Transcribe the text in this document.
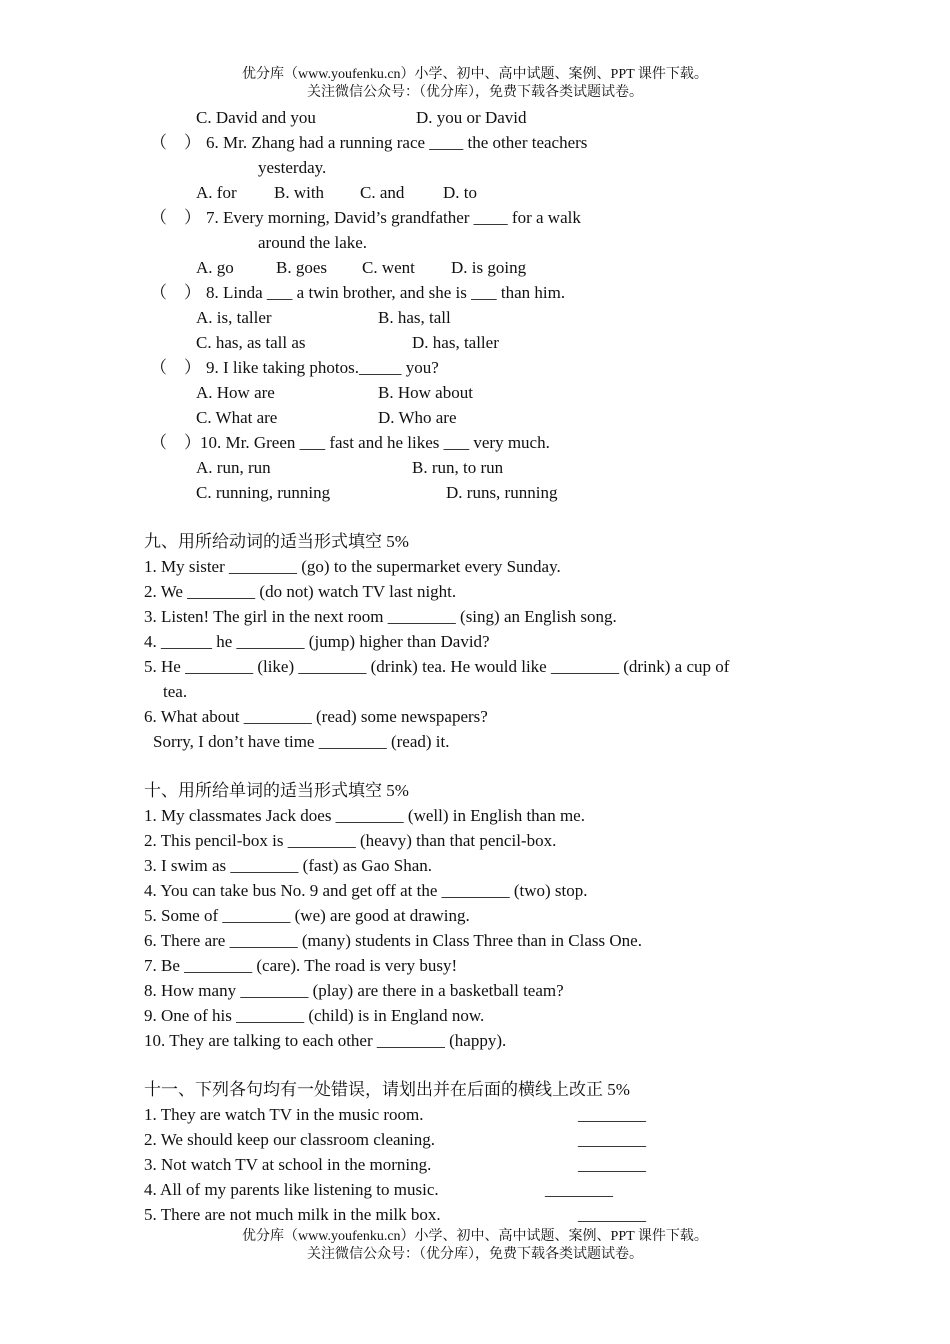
优分库（www.youfenku.cn）小学、初中、高中试题、案例、PPT 课件下载。
关注微信公众号：（优分库），免费下载各类试题试卷。
C. David and you	D. you or David
（　） 6. Mr. Zhang had a running race ____ the other teachers
yesterday.
A. for B. with C. and D. to
（　） 7. Every morning, David’s grandfather ____ for a walk
around the lake.
A. go B. goes C. went D. is going
（　） 8. Linda ___ a twin brother, and she is ___ than him.
A. is, taller	B. has, tall
C. has, as tall as	D. has, taller
（　） 9. I like taking photos._____ you?
A. How are	B. How about
C. What are	D. Who are
（　） 10. Mr. Green ___ fast and he likes ___ very much.
A. run, run	B. run, to run
C. running, running	D. runs, running
九、用所给动词的适当形式填空 5%
1. My sister ________ (go) to the supermarket every Sunday.
2. We ________ (do not) watch TV last night.
3. Listen! The girl in the next room ________ (sing) an English song.
4. ______ he ________ (jump) higher than David?
5. He ________ (like) ________ (drink) tea. He would like ________ (drink) a cup of
tea.
6. What about ________ (read) some newspapers?
Sorry, I don’t have time ________ (read) it.
十、用所给单词的适当形式填空 5%
1. My classmates Jack does ________ (well) in English than me.
2. This pencil-box is ________ (heavy) than that pencil-box.
3. I swim as ________ (fast) as Gao Shan.
4. You can take bus No. 9 and get off at the ________ (two) stop.
5. Some of ________ (we) are good at drawing.
6. There are ________ (many) students in Class Three than in Class One.
7. Be ________ (care). The road is very busy!
8. How many ________ (play) are there in a basketball team?
9. One of his ________ (child) is in England now.
10. They are talking to each other ________ (happy).
十一、下列各句均有一处错误，请划出并在后面的横线上改正 5%
1. They are watch TV in the music room.	________
2. We should keep our classroom cleaning.	________
3. Not watch TV at school in the morning.	________
4. All of my parents like listening to music.	________
5. There are not much milk in the milk box.	________
优分库（www.youfenku.cn）小学、初中、高中试题、案例、PPT 课件下载。
关注微信公众号：（优分库），免费下载各类试题试卷。
